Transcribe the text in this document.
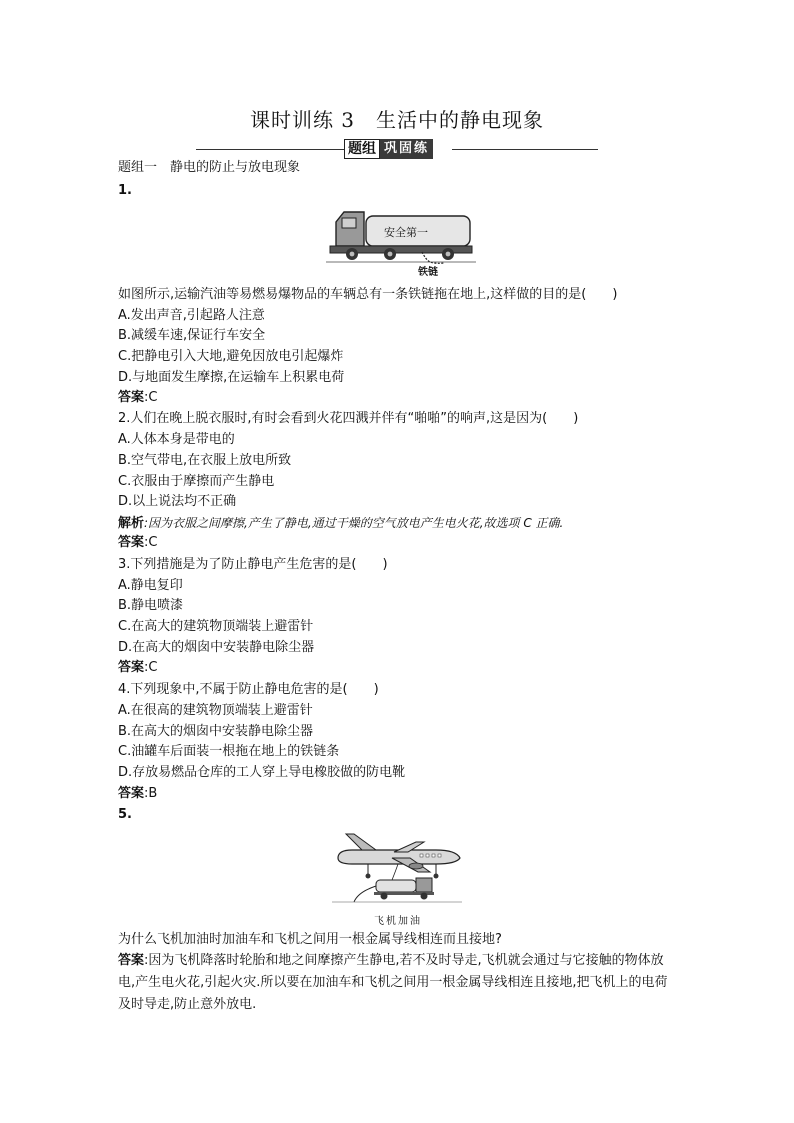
课时训练 3　生活中的静电现象
题组 巩固练
题组一　静电的防止与放电现象
1.
安全第一
铁链
如图所示,运输汽油等易燃易爆物品的车辆总有一条铁链拖在地上,这样做的目的是(　　)
A.发出声音,引起路人注意
B.减缓车速,保证行车安全
C.把静电引入大地,避免因放电引起爆炸
D.与地面发生摩擦,在运输车上积累电荷
答案:C
2.人们在晚上脱衣服时,有时会看到火花四溅并伴有“啪啪”的响声,这是因为(　　)
A.人体本身是带电的
B.空气带电,在衣服上放电所致
C.衣服由于摩擦而产生静电
D.以上说法均不正确
解析:因为衣服之间摩擦,产生了静电,通过干燥的空气放电产生电火花,故选项 C 正确.
答案:C
3.下列措施是为了防止静电产生危害的是(　　)
A.静电复印
B.静电喷漆
C.在高大的建筑物顶端装上避雷针
D.在高大的烟囱中安装静电除尘器
答案:C
4.下列现象中,不属于防止静电危害的是(　　)
A.在很高的建筑物顶端装上避雷针
B.在高大的烟囱中安装静电除尘器
C.油罐车后面装一根拖在地上的铁链条
D.存放易燃品仓库的工人穿上导电橡胶做的防电靴
答案:B
5.
飞机加油
为什么飞机加油时加油车和飞机之间用一根金属导线相连而且接地?
答案:因为飞机降落时轮胎和地之间摩擦产生静电,若不及时导走,飞机就会通过与它接触的物体放电,产生电火花,引起火灾.所以要在加油车和飞机之间用一根金属导线相连且接地,把飞机上的电荷及时导走,防止意外放电.
